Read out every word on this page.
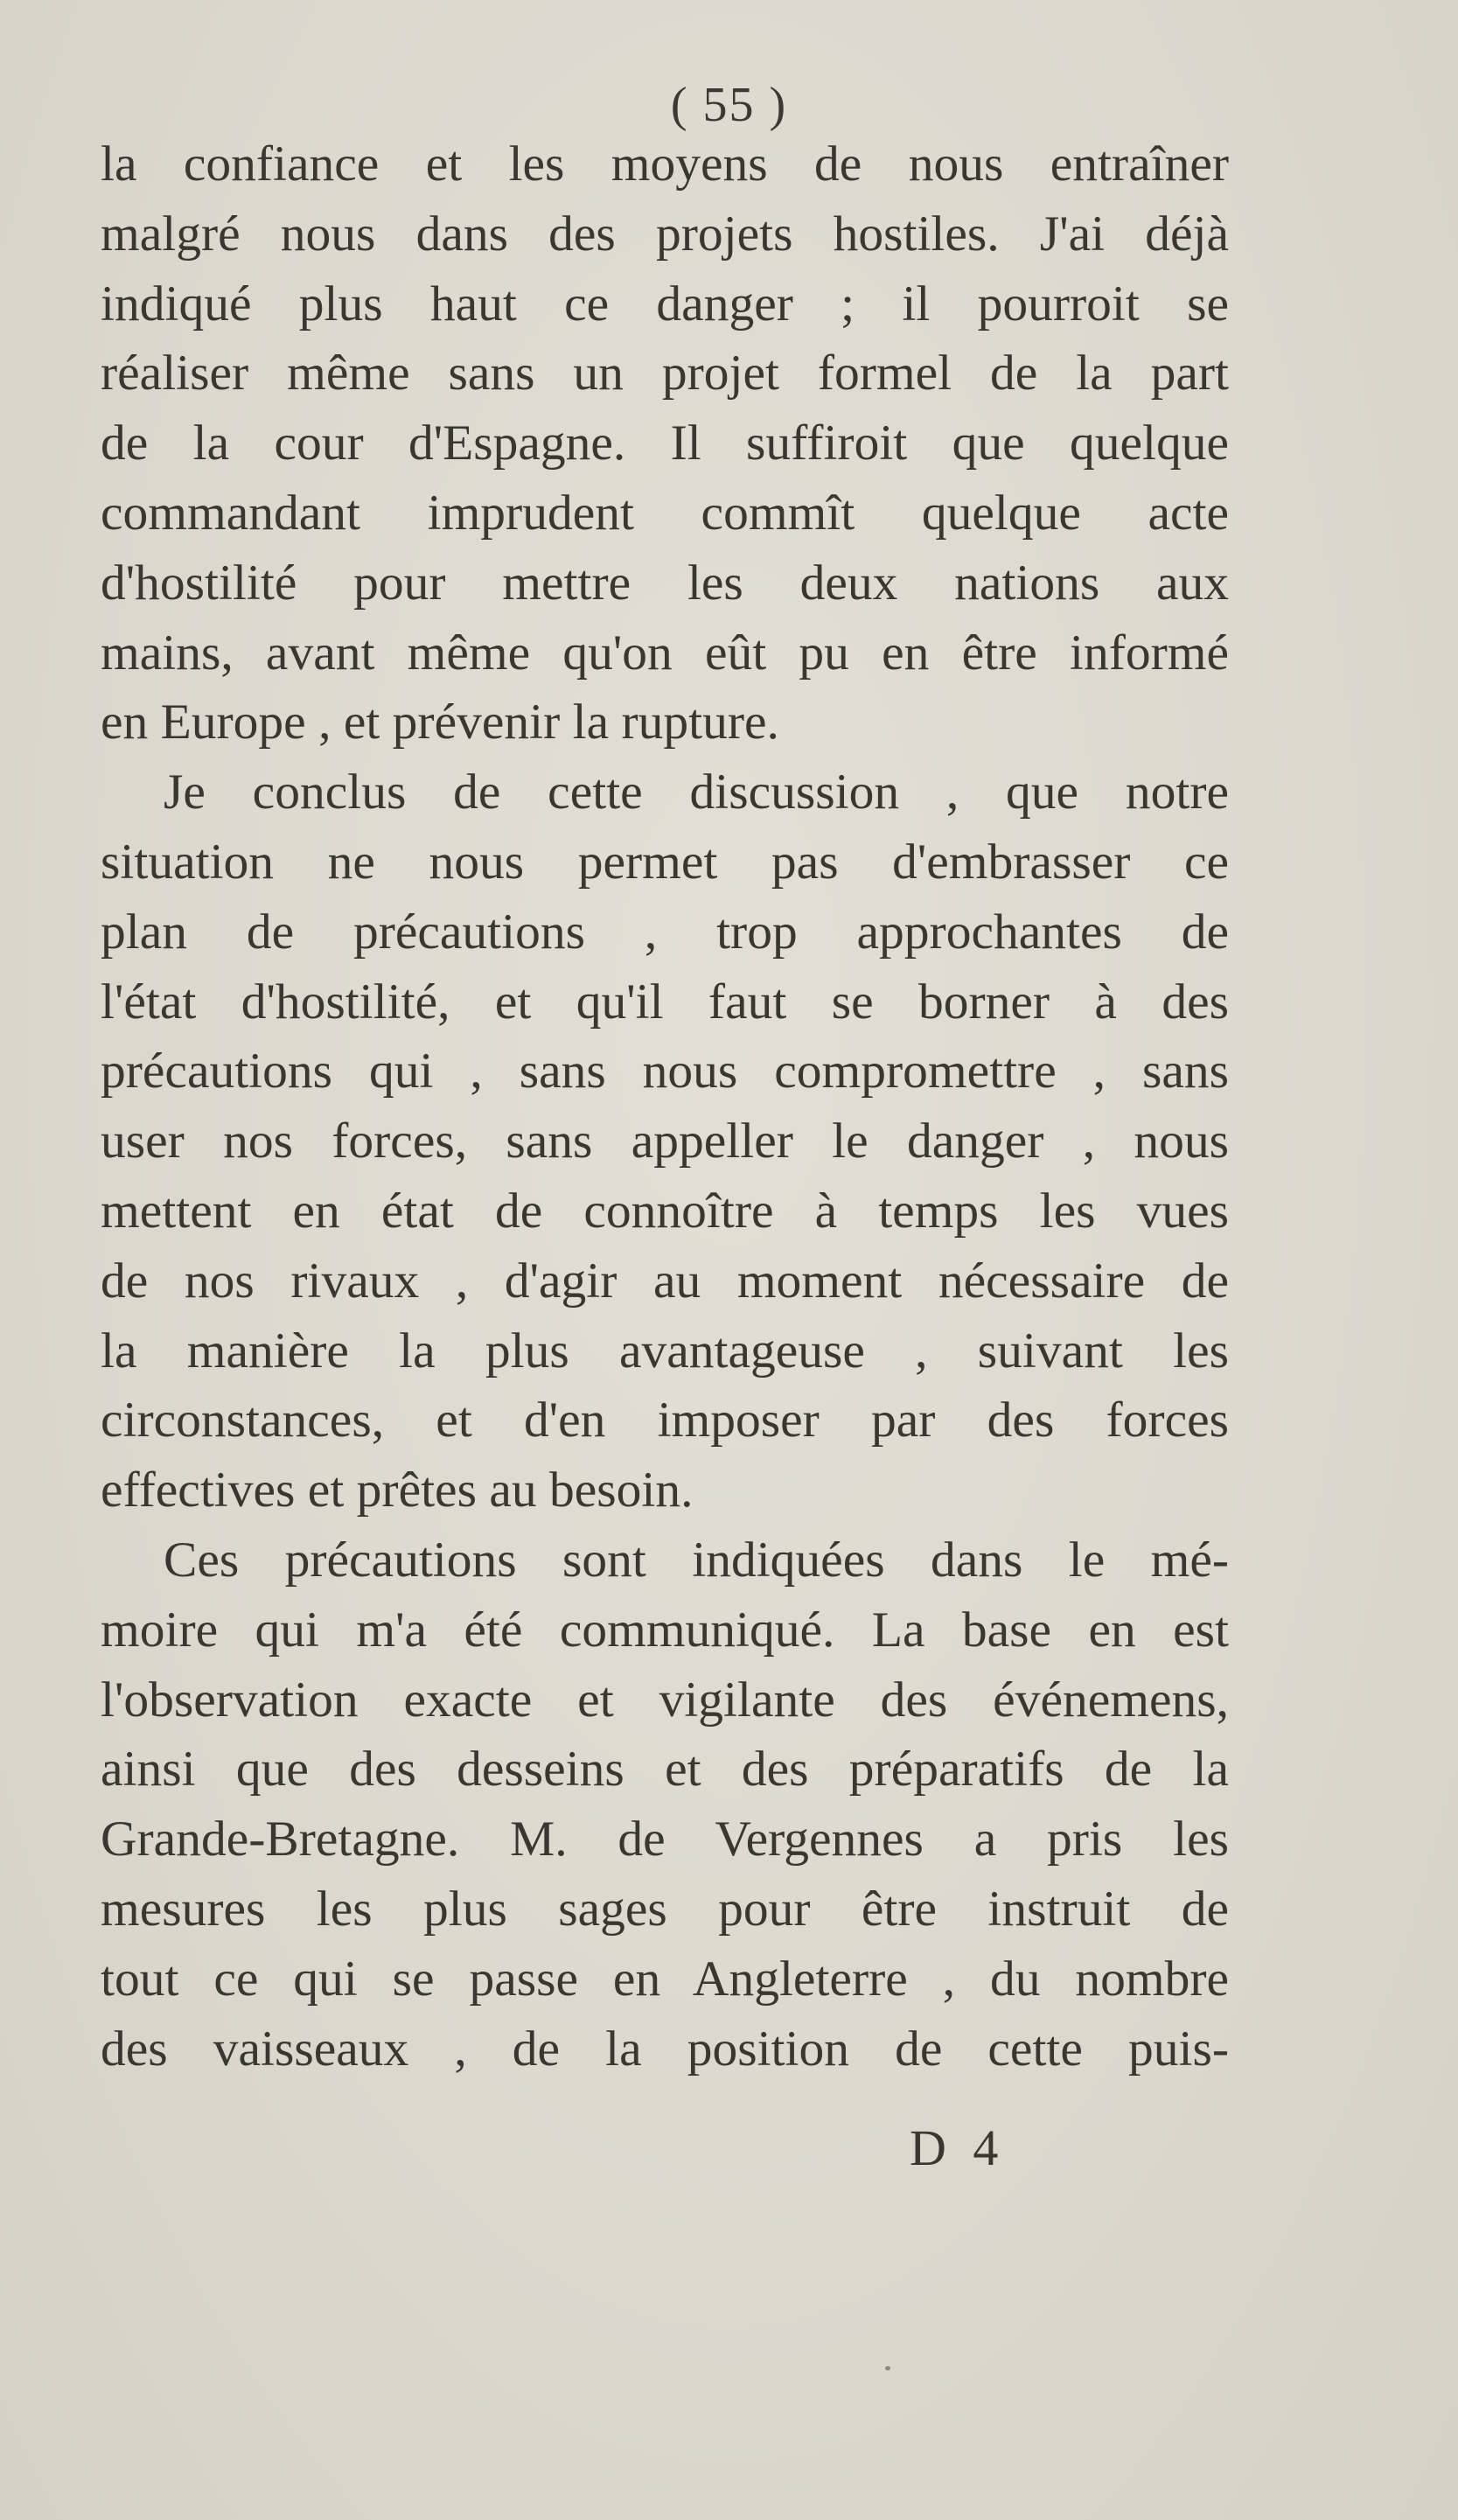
( 55 )
la confiance et les moyens de nous entraîner
malgré nous dans des projets hostiles. J'ai déjà
indiqué plus haut ce danger ; il pourroit se
réaliser même sans un projet formel de la part
de la cour d'Espagne. Il suffiroit que quelque
commandant imprudent commît quelque acte
d'hostilité pour mettre les deux nations aux
mains, avant même qu'on eût pu en être informé
en Europe , et prévenir la rupture.
Je conclus de cette discussion , que notre
situation ne nous permet pas d'embrasser ce
plan de précautions , trop approchantes de
l'état d'hostilité, et qu'il faut se borner à des
précautions qui , sans nous compromettre , sans
user nos forces, sans appeller le danger , nous
mettent en état de connoître à temps les vues
de nos rivaux , d'agir au moment nécessaire de
la manière la plus avantageuse , suivant les
circonstances, et d'en imposer par des forces
effectives et prêtes au besoin.
Ces précautions sont indiquées dans le mé-
moire qui m'a été communiqué. La base en est
l'observation exacte et vigilante des événemens,
ainsi que des desseins et des préparatifs de la
Grande-Bretagne. M. de Vergennes a pris les
mesures les plus sages pour être instruit de
tout ce qui se passe en Angleterre , du nombre
des vaisseaux , de la position de cette puis-
D 4
